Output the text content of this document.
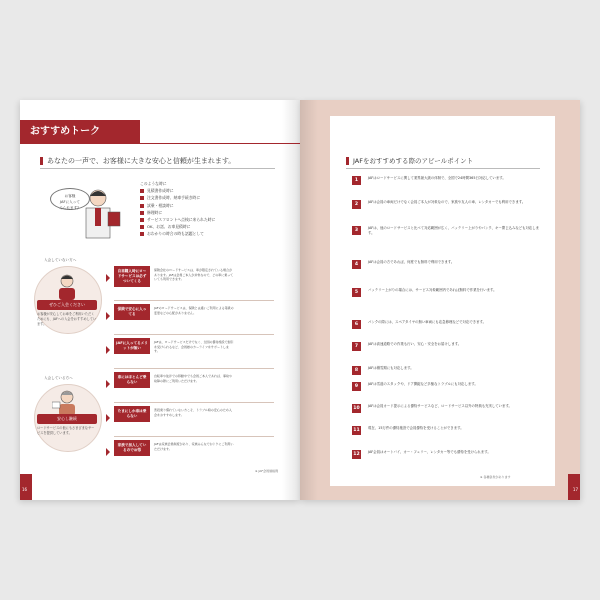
おすすめトーク
あなたの一声で、お客様に大きな安心と信頼が生まれます。
お客様
JAFに入って
みられます？
このような時に
見積書作成時に
注文書作成時、納車手続き時に
試乗・相談時に
修理時に
サービスフロントへ点検に来られた時に
OK、お話、お車見積時に
おわかりの時合の時も話題として
入会していない方へ
ぜひご入会ください
お客様が安心してお車をご利用いただくためにも、JAFへの入会をおすすめしています。
入会している方へ
安心し継続
ロードサービスの他にもさまざまなサービスを提供しています。
自車購入時にロードサービスは必ずついてくる
保険会社のロードサービスは、車が限定されている場合があります。JAFは会員ご本人が対象なので、どの車に乗っていても利用できます。
保険で安心に入ってる
JAFのロードサービスは、保険とは違いご利用による等級の変更などの心配がありません。
JAFに入ってるメリットが無い
JAFは、ロードサービスだけでなく、全国の優待施設で割引を受けられるなど、会員様のカーライフをサポートします。
車にはほとんど乗らない
自転車や徒歩での移動中でも会員ご本人であれば、事故や故障の際にご利用いただけます。
たまにしか車は乗らない
普段乗り慣れていない方こそ、トラブル時の安心のため入会をおすすめします。
家族で加入しているのでお得
JAFは家族会員制度があり、家族みんなでおトクにご利用いただけます。
※ JAF会員価格例
16
JAFをおすすめする際のアピールポイント
1	JAFはロードサービスに関して業界最大級の体制で、全国で24時間365日対応しています。
2	JAFは会員の車両だけでなく会員ご本人が対象なので、家族や友人の車、レンタカーでも利用できます。
3	JAFは、他のロードサービスと比べて対応範囲が広く、バッテリー上がりやパンク、キー閉じ込みなども対応します。
4	JAFは会員の方であれば、何度でも無料で利用できます。
5	バッテリー上がりの場合には、サービス対象範囲内であれば無料で作業を行います。
6	パンクの際には、スペアタイヤの無い車両にも応急修理などで対応できます。
7	JAFは高速道路での作業も行い、安心・安全をお届けします。
8	JAFは積雪期にも対応します。
9	JAFは雪道のスタックや、ドア開錠など多様なトラブルにも対応します。
10	JAFは会員カード提示による優待サービスなど、ロードサービス以外の特典も充実しています。
11	現在、15万件の優待施設で会員優待を受けることができます。
12	JAF会員はオートバイ、カー・フェリー、レンタカー等でも優待を受けられます。
※ 各種条件があります
17
